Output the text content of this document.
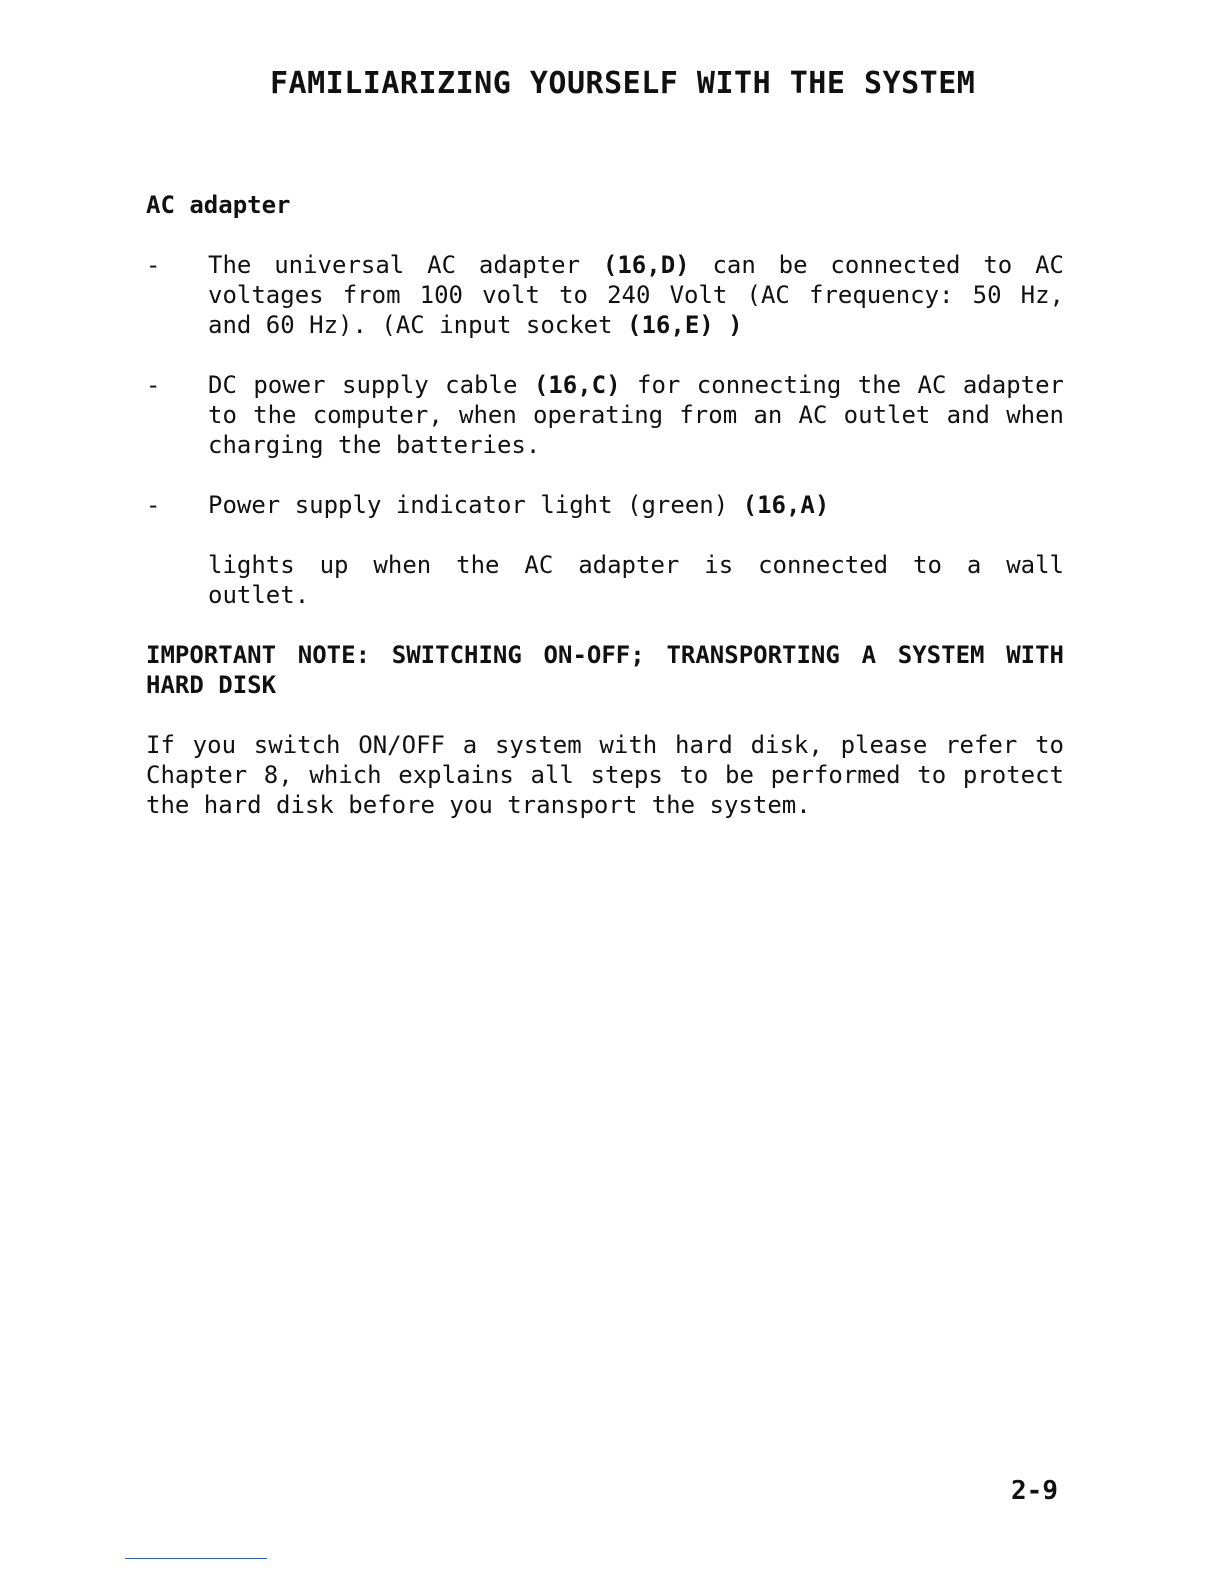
FAMILIARIZING YOURSELF WITH THE SYSTEM

AC adapter

- The universal AC adapter (16,D) can be connected to AC voltages from 100 volt to 240 Volt (AC frequency: 50 Hz, and 60 Hz). (AC input socket (16,E) )

- DC power supply cable (16,C) for connecting the AC adapter to the computer, when operating from an AC outlet and when charging the batteries.

- Power supply indicator light (green) (16,A)

lights up when the AC adapter is connected to a wall outlet.

IMPORTANT NOTE: SWITCHING ON-OFF; TRANSPORTING A SYSTEM WITH HARD DISK

If you switch ON/OFF a system with hard disk, please refer to Chapter 8, which explains all steps to be performed to protect the hard disk before you transport the system.

2-9
